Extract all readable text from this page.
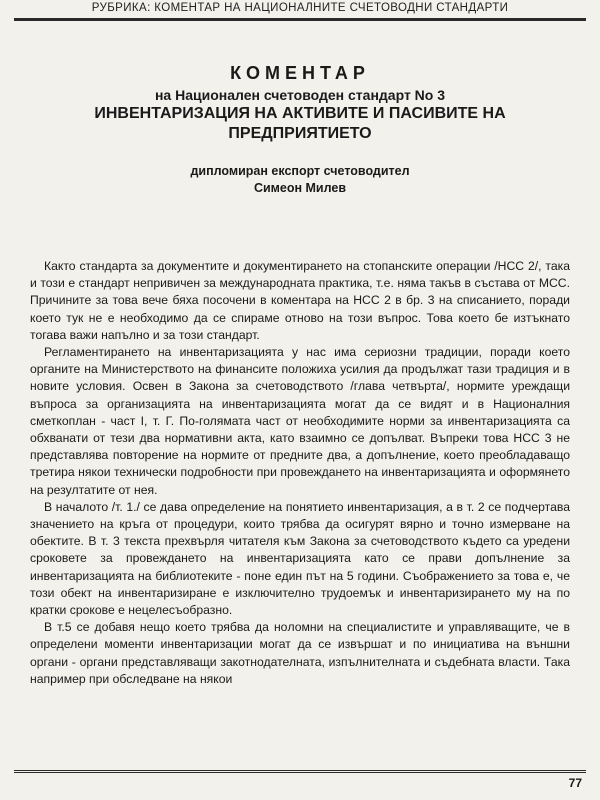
РУБРИКА: КОМЕНТАР НА НАЦИОНАЛНИТЕ СЧЕТОВОДНИ СТАНДАРТИ
КОМЕНТАР
на Национален счетоводен стандарт No 3
ИНВЕНТАРИЗАЦИЯ НА АКТИВИТЕ И ПАСИВИТЕ НА
ПРЕДПРИЯТИЕТО
дипломиран експорт счетоводител
Симеон Милев

Както стандарта за документите и документирането на стопанските операции /НСС 2/, така и този е стандарт непривичен за международната практика, т.е. няма такъв в състава от МСС. Причините за това вече бяха посочени в коментара на НСС 2 в бр. 3 на списанието, поради което тук не е необходимо да се спираме отново на този въпрос. Това което бе изтъкнато тогава важи напълно и за този стандарт.

Регламентирането на инвентаризацията у нас има сериозни традиции, поради което органите на Министерството на финансите положиха усилия да продължат тази традиция и в новите условия. Освен в Закона за счетоводството /глава четвърта/, нормите уреждащи въпроса за организацията на инвентаризацията могат да се видят и в Националния сметкоплан - част I, т. Г. По-голямата част от необходимите норми за инвентаризацията са обхванати от тези два нормативни акта, като взаимно се допълват. Въпреки това НСС 3 не представлява повторение на нормите от предните два, а допълнение, което преобладаващо третира някои технически подробности при провеждането на инвентаризацията и оформянето на резултатите от нея.

В началото /т. 1./ се дава определение на понятието инвентаризация, а в т. 2 се подчертава значението на кръга от процедури, които трябва да осигурят вярно и точно измерване на обектите. В т. 3 текста прехвърля читателя към Закона за счетоводството където са уредени сроковете за провеждането на инвентаризацията като се прави допълнение за инвентаризацията на библиотеките - поне един път на 5 години. Съображението за това е, че този обект на инвентаризиране е изключително трудоемък и инвентаризирането му на по кратки срокове е нецелесъобразно.

В т.5 се добавя нещо което трябва да нoломни на специалистите и управляващите, че в определени моменти инвентаризации могат да се извършат и по инициатива на външни органи - органи представляващи закотнодателната, изпълнителната и съдебната власти. Така например при обследване на някои

77
